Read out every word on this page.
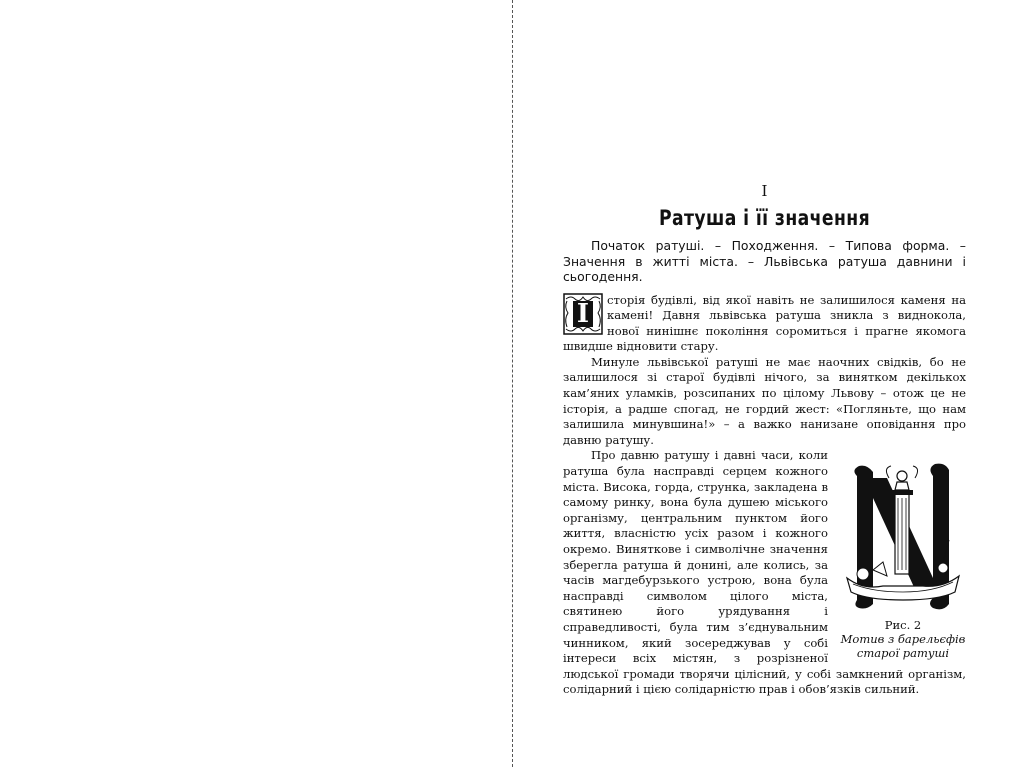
I
Ратуша і її значення
Початок ратуші. – Походження. – Типова форма. – Значення в житті міста. – Львівська ратуша давнини і сьогодення.

І	сторія будівлі, від якої навіть не залишилося каменя на камені! Давня львівська ратуша зникла з виднокола, нової нинішнє покоління соромиться і прагне якомога швидше відновити стару.

Минуле львівської ратуші не має наочних свідків, бо не залишилося зі старої будівлі нічого, за винятком декількох кам’яних уламків, розсипаних по цілому Львову – отож це не історія, а радше спогад, не гордий жест: «Погляньте, що нам залишила минувшина!» – а важко нанизане оповідання про давню ратушу.

Рис. 2
Мотив з барельєфів
старої ратуші

Про давню ратушу і давні часи, коли ратуша була насправді серцем кожного міста. Висока, горда, струнка, закладена в самому ринку, вона була душею міського організму, центральним пунктом його життя, власністю усіх разом і кожного окремо. Виняткове і символічне значення зберегла ратуша й донині, але колись, за часів магдебурзького устрою, вона була насправді символом цілого міста, святинею його урядування і справедливості, була тим з’єднувальним чинником, який зосереджував у собі інтереси всіх містян, з розрізненої людської громади творячи цілісний, у собі замкнений організм, солідарний і цією солідарністю прав і обов’язків сильний.
